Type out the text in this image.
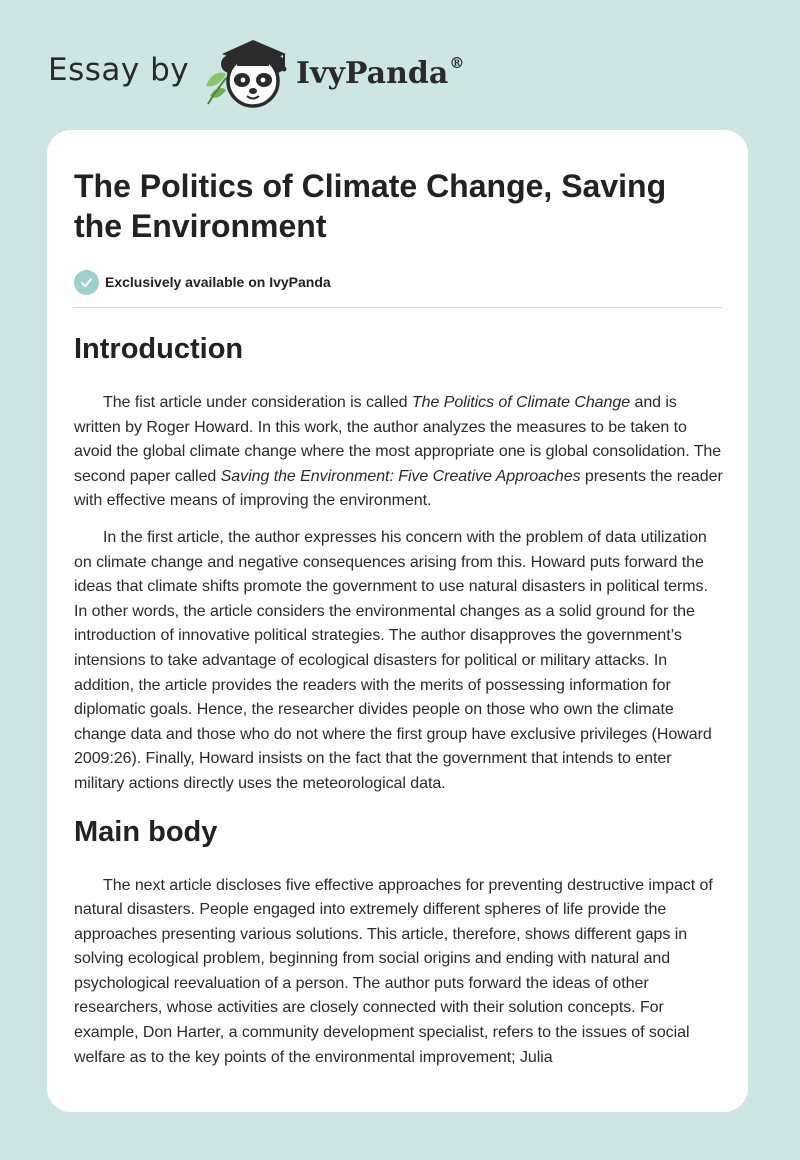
Essay by	IvyPanda®
The Politics of Climate Change, Saving the Environment
Exclusively available on IvyPanda
Introduction

The fist article under consideration is called The Politics of Climate Change and is written by Roger Howard. In this work, the author analyzes the measures to be taken to avoid the global climate change where the most appropriate one is global consolidation. The second paper called Saving the Environment: Five Creative Approaches presents the reader with effective means of improving the environment.

In the first article, the author expresses his concern with the problem of data utilization on climate change and negative consequences arising from this. Howard puts forward the ideas that climate shifts promote the government to use natural disasters in political terms. In other words, the article considers the environmental changes as a solid ground for the introduction of innovative political strategies. The author disapproves the government’s intensions to take advantage of ecological disasters for political or military attacks. In addition, the article provides the readers with the merits of possessing information for diplomatic goals. Hence, the researcher divides people on those who own the climate change data and those who do not where the first group have exclusive privileges (Howard 2009:26). Finally, Howard insists on the fact that the government that intends to enter military actions directly uses the meteorological data.

Main body

The next article discloses five effective approaches for preventing destructive impact of natural disasters. People engaged into extremely different spheres of life provide the approaches presenting various solutions. This article, therefore, shows different gaps in solving ecological problem, beginning from social origins and ending with natural and psychological reevaluation of a person. The author puts forward the ideas of other researchers, whose activities are closely connected with their solution concepts. For example, Don Harter, a community development specialist, refers to the issues of social welfare as to the key points of the environmental improvement; Julia
